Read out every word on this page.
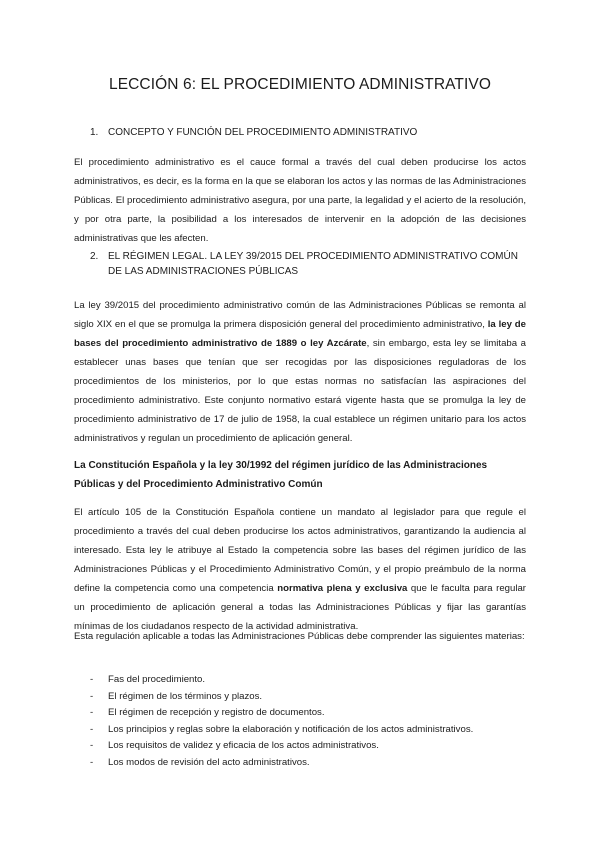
LECCIÓN 6: EL PROCEDIMIENTO ADMINISTRATIVO
1. CONCEPTO Y FUNCIÓN DEL PROCEDIMIENTO ADMINISTRATIVO

El procedimiento administrativo es el cauce formal a través del cual deben producirse los actos administrativos, es decir, es la forma en la que se elaboran los actos y las normas de las Administraciones Públicas. El procedimiento administrativo asegura, por una parte, la legalidad y el acierto de la resolución, y por otra parte, la posibilidad a los interesados de intervenir en la adopción de las decisiones administrativas que les afecten.

2. EL RÉGIMEN LEGAL. LA LEY 39/2015 DEL PROCEDIMIENTO ADMINISTRATIVO COMÚN DE LAS ADMINISTRACIONES PÚBLICAS

La ley 39/2015 del procedimiento administrativo común de las Administraciones Públicas se remonta al siglo XIX en el que se promulga la primera disposición general del procedimiento administrativo, la ley de bases del procedimiento administrativo de 1889 o ley Azcárate, sin embargo, esta ley se limitaba a establecer unas bases que tenían que ser recogidas por las disposiciones reguladoras de los procedimientos de los ministerios, por lo que estas normas no satisfacían las aspiraciones del procedimiento administrativo. Este conjunto normativo estará vigente hasta que se promulga la ley de procedimiento administrativo de 17 de julio de 1958, la cual establece un régimen unitario para los actos administrativos y regulan un procedimiento de aplicación general.

La Constitución Española y la ley 30/1992 del régimen jurídico de las Administraciones Públicas y del Procedimiento Administrativo Común

El artículo 105 de la Constitución Española contiene un mandato al legislador para que regule el procedimiento a través del cual deben producirse los actos administrativos, garantizando la audiencia al interesado. Esta ley le atribuye al Estado la competencia sobre las bases del régimen jurídico de las Administraciones Públicas y el Procedimiento Administrativo Común, y el propio preámbulo de la norma define la competencia como una competencia normativa plena y exclusiva que le faculta para regular un procedimiento de aplicación general a todas las Administraciones Públicas y fijar las garantías mínimas de los ciudadanos respecto de la actividad administrativa.

Esta regulación aplicable a todas las Administraciones Públicas debe comprender las siguientes materias:

- Fas del procedimiento.
- El régimen de los términos y plazos.
- El régimen de recepción y registro de documentos.
- Los principios y reglas sobre la elaboración y notificación de los actos administrativos.
- Los requisitos de validez y eficacia de los actos administrativos.
- Los modos de revisión del acto administrativos.
